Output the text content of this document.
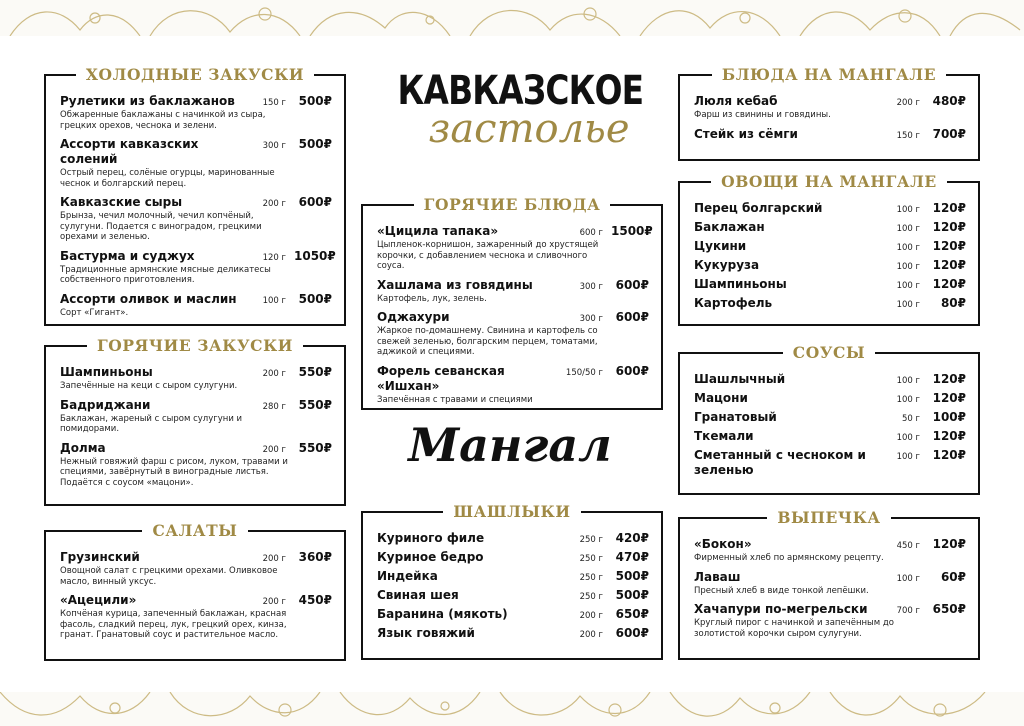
ХОЛОДНЫЕ ЗАКУСКИ
Рулетики из баклажанов	150 г	500₽
Обжаренные баклажаны с начинкой из сыра, грецких орехов, чеснока и зелени.
Ассорти кавказских солений
300 г	500₽
Острый перец, солёные огурцы, маринованные чеснок и болгарский перец.
Кавказские сыры	200 г	600₽
Брынза, чечил молочный, чечил копчёный, сулугуни. Подается с виноградом, грецкими орехами и зеленью.
Бастурма и суджух	120 г 1050₽
Традиционные армянские мясные деликатесы собственного приготовления.
Ассорти оливок и маслин	100 г	500₽
Сорт «Гигант».
ГОРЯЧИЕ ЗАКУСКИ
Шампиньоны	200 г	550₽
Запечённые на кеци с сыром сулугуни.
Бадриджани	280 г	550₽
Баклажан, жареный с сыром сулугуни и помидорами.
Долма	200 г	550₽
Нежный говяжий фарш с рисом, луком, травами и специями, завёрнутый в виноградные листья. Подаётся с соусом «мацони».
САЛАТЫ
Грузинский	200 г	360₽
Овощной салат с грецкими орехами. Оливковое масло, винный уксус.
«Ацецили»	200 г	450₽
Копчёная курица, запеченный баклажан, красная фасоль, сладкий перец, лук, грецкий орех, кинза, гранат. Гранатовый соус и растительное масло.
КАВКАЗСКОЕ
застолье
ГОРЯЧИЕ БЛЮДА
«Цицила тапака»	600 г 1500₽
Цыпленок-корнишон, зажаренный до хрустящей корочки, с добавлением чеснока и сливочного соуса.
Хашлама из говядины	300 г	600₽
Картофель, лук, зелень.
Оджахури	300 г	600₽
Жаркое по-домашнему. Свинина и картофель со свежей зеленью, болгарским перцем, томатами, аджикой и специями.
Форель севанская «Ишхан»
150/50 г	600₽
Запечённая с травами и специями
Мангал
ШАШЛЫКИ
Куриного филе	250 г	420₽
Куриное бедро	250 г	470₽
Индейка	250 г	500₽
Свиная шея	250 г	500₽
Баранина (мякоть)	200 г	650₽
Язык говяжий	200 г	600₽
БЛЮДА НА МАНГАЛЕ
Люля кебаб	200 г	480₽
Фарш из свинины и говядины.
Стейк из сёмги	150 г	700₽
ОВОЩИ НА МАНГАЛЕ
Перец болгарский	100 г	120₽
Баклажан	100 г	120₽
Цукини	100 г	120₽
Кукуруза	100 г	120₽
Шампиньоны	100 г	120₽
Картофель	100 г	80₽
СОУСЫ
Шашлычный	100 г	120₽
Мацони	100 г	120₽
Гранатовый	50 г	100₽
Ткемали	100 г	120₽
Сметанный с чесноком и зеленью
100 г	120₽
ВЫПЕЧКА
«Бокон»	450 г	120₽
Фирменный хлеб по армянскому рецепту.
Лаваш	100 г	60₽
Пресный хлеб в виде тонкой лепёшки.
Хачапури по-мегрельски	700 г	650₽
Круглый пирог с начинкой и запечённым до золотистой корочки сыром сулугуни.
